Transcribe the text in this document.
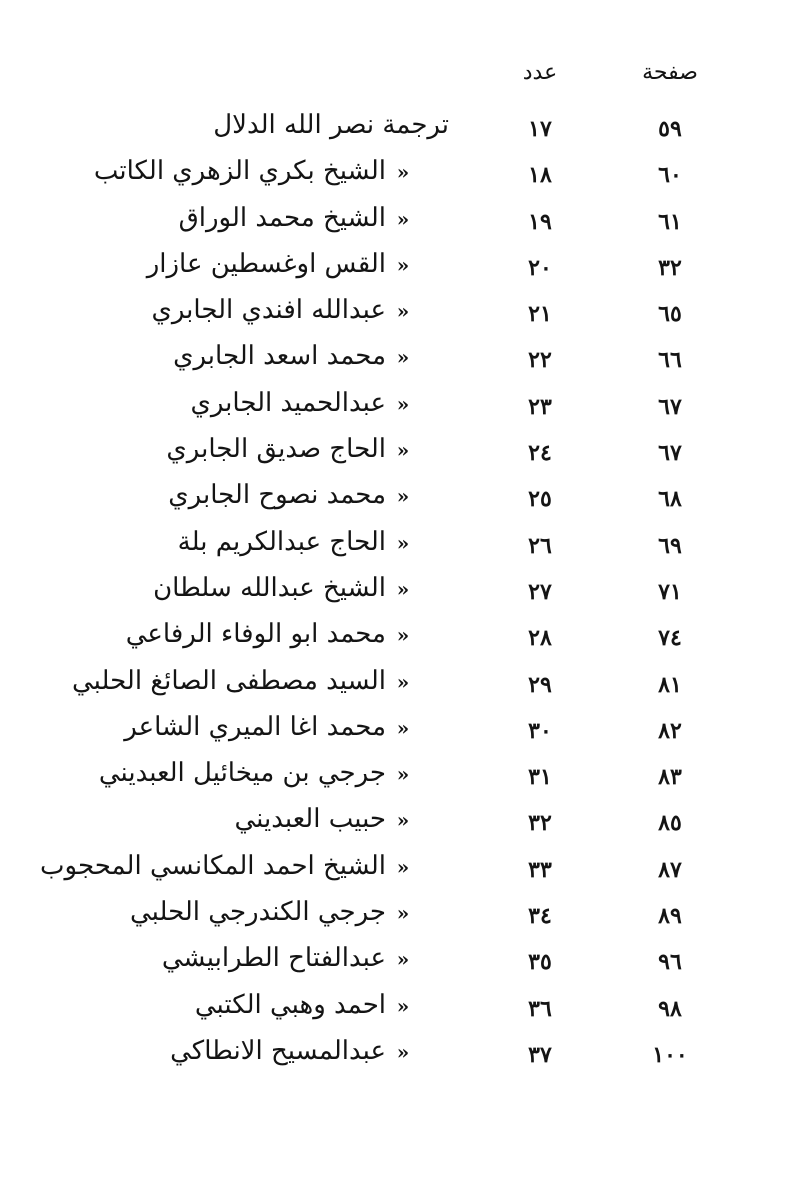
صفحة
عدد
٥٩
١٧
ترجمة نصر الله الدلال
٦٠
١٨
«
الشيخ بكري الزهري الكاتب
٦١
١٩
«
الشيخ محمد الوراق
٣٢
٢٠
«
القس اوغسطين عازار
٦٥
٢١
«
عبدالله افندي الجابري
٦٦
٢٢
«
محمد اسعد الجابري
٦٧
٢٣
«
عبدالحميد الجابري
٦٧
٢٤
«
الحاج صديق الجابري
٦٨
٢٥
«
محمد نصوح الجابري
٦٩
٢٦
«
الحاج عبدالكريم بلة
٧١
٢٧
«
الشيخ عبدالله سلطان
٧٤
٢٨
«
محمد ابو الوفاء الرفاعي
٨١
٢٩
«
السيد مصطفى الصائغ الحلبي
٨٢
٣٠
«
محمد اغا الميري الشاعر
٨٣
٣١
«
جرجي بن ميخائيل العبديني
٨٥
٣٢
«
حبيب العبديني
٨٧
٣٣
«
الشيخ احمد المكانسي المحجوب
٨٩
٣٤
«
جرجي الكندرجي الحلبي
٩٦
٣٥
«
عبدالفتاح الطرابيشي
٩٨
٣٦
«
احمد وهبي الكتبي
١٠٠
٣٧
«
عبدالمسيح الانطاكي
